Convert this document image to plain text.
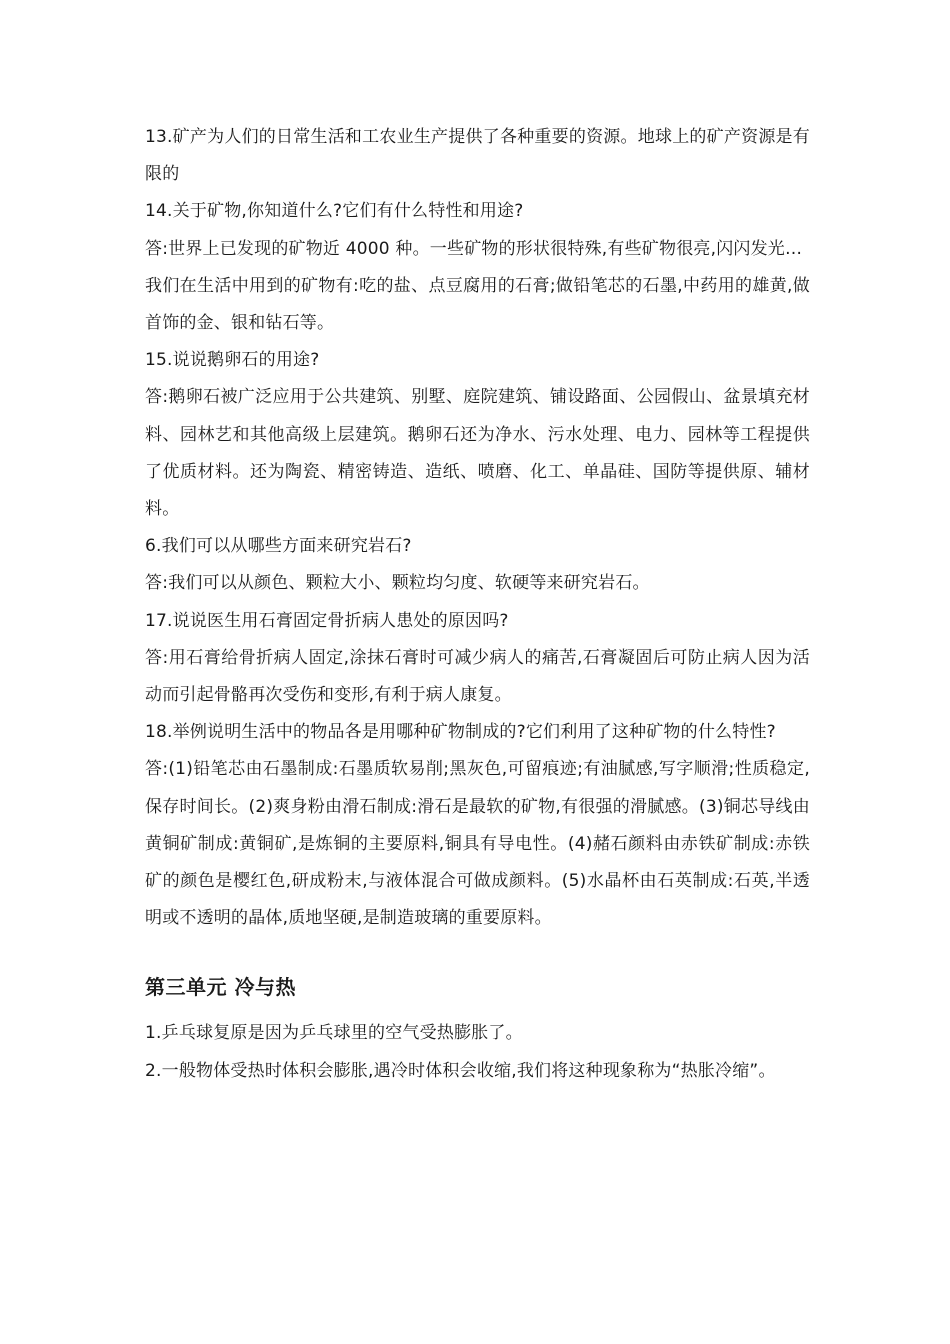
13.矿产为人们的日常生活和工农业生产提供了各种重要的资源。地球上的矿产资源是有限的

14.关于矿物,你知道什么?它们有什么特性和用途?

答:世界上已发现的矿物近 4000 种。一些矿物的形状很特殊,有些矿物很亮,闪闪发光…

我们在生活中用到的矿物有:吃的盐、点豆腐用的石膏;做铅笔芯的石墨,中药用的雄黄,做首饰的金、银和钻石等。

15.说说鹅卵石的用途?

答:鹅卵石被广泛应用于公共建筑、别墅、庭院建筑、铺设路面、公园假山、盆景填充材料、园林艺和其他高级上层建筑。鹅卵石还为净水、污水处理、电力、园林等工程提供了优质材料。还为陶瓷、精密铸造、造纸、喷磨、化工、单晶硅、国防等提供原、辅材料。

6.我们可以从哪些方面来研究岩石?

答:我们可以从颜色、颗粒大小、颗粒均匀度、软硬等来研究岩石。

17.说说医生用石膏固定骨折病人患处的原因吗?

答:用石膏给骨折病人固定,涂抹石膏时可减少病人的痛苦,石膏凝固后可防止病人因为活动而引起骨骼再次受伤和变形,有利于病人康复。

18.举例说明生活中的物品各是用哪种矿物制成的?它们利用了这种矿物的什么特性?

答:(1)铅笔芯由石墨制成:石墨质软易削;黑灰色,可留痕迹;有油腻感,写字顺滑;性质稳定,保存时间长。(2)爽身粉由滑石制成:滑石是最软的矿物,有很强的滑腻感。(3)铜芯导线由黄铜矿制成:黄铜矿,是炼铜的主要原料,铜具有导电性。(4)赭石颜料由赤铁矿制成:赤铁矿的颜色是樱红色,研成粉末,与液体混合可做成颜料。(5)水晶杯由石英制成:石英,半透明或不透明的晶体,质地坚硬,是制造玻璃的重要原料。

第三单元 冷与热

1.乒乓球复原是因为乒乓球里的空气受热膨胀了。

2.一般物体受热时体积会膨胀,遇冷时体积会收缩,我们将这种现象称为“热胀冷缩”。
